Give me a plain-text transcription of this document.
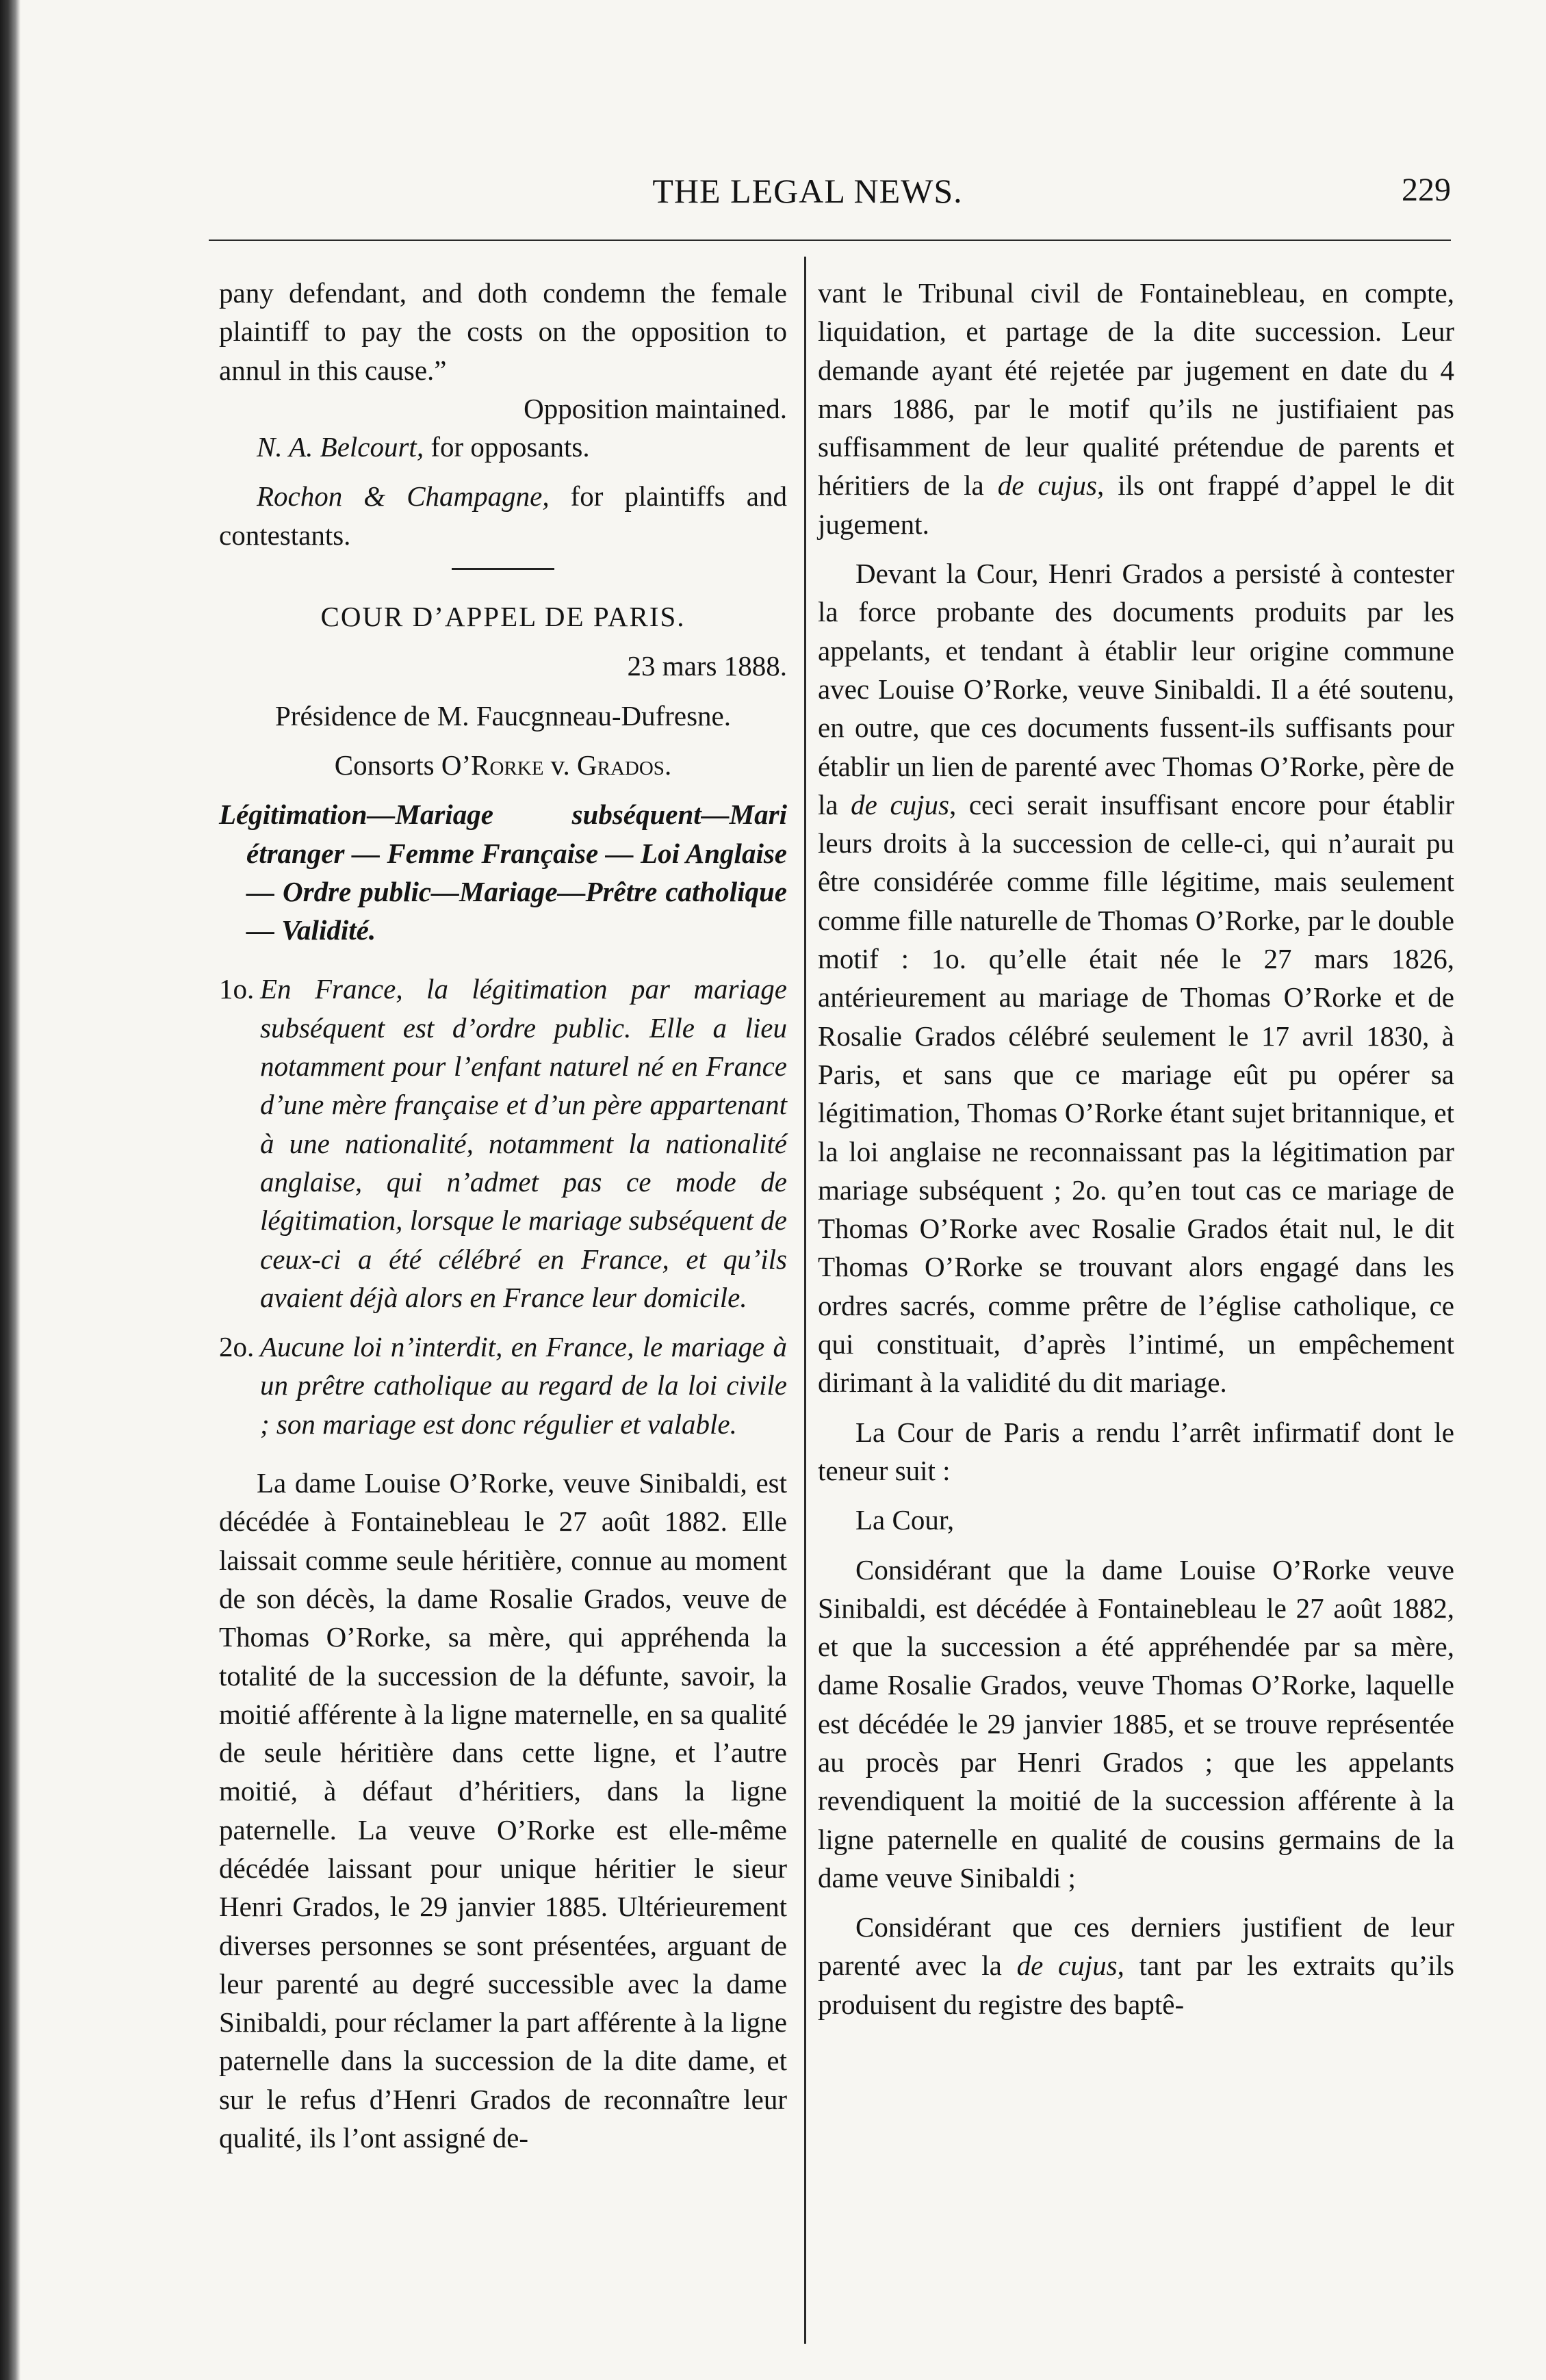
THE LEGAL NEWS.	229

pany defendant, and doth condemn the female plaintiff to pay the costs on the opposition to annul in this cause.”

Opposition maintained.

N. A. Belcourt, for opposants.

Rochon & Champagne, for plaintiffs and contestants.

COUR D’APPEL DE PARIS.

23 mars 1888.

Présidence de M. Faucgnneau-Dufresne.

Consorts O’Rorke v. Grados.

Légitimation—Mariage subséquent—Mari étranger — Femme Française — Loi Anglaise — Ordre public—Mariage—Prêtre catholique — Validité.

1o. En France, la légitimation par mariage subséquent est d’ordre public. Elle a lieu notamment pour l’enfant naturel né en France d’une mère française et d’un père appartenant à une nationalité, notamment la nationalité anglaise, qui n’admet pas ce mode de légitimation, lorsque le mariage subséquent de ceux-ci a été célébré en France, et qu’ils avaient déjà alors en France leur domicile.
2o. Aucune loi n’interdit, en France, le mariage à un prêtre catholique au regard de la loi civile ; son mariage est donc régulier et valable.

La dame Louise O’Rorke, veuve Sinibaldi, est décédée à Fontainebleau le 27 août 1882. Elle laissait comme seule héritière, connue au moment de son décès, la dame Rosalie Grados, veuve de Thomas O’Rorke, sa mère, qui appréhenda la totalité de la succession de la défunte, savoir, la moitié afférente à la ligne maternelle, en sa qualité de seule héritière dans cette ligne, et l’autre moitié, à défaut d’héritiers, dans la ligne paternelle. La veuve O’Rorke est elle-même décédée laissant pour unique héritier le sieur Henri Grados, le 29 janvier 1885. Ultérieurement diverses personnes se sont présentées, arguant de leur parenté au degré successible avec la dame Sinibaldi, pour réclamer la part afférente à la ligne paternelle dans la succession de la dite dame, et sur le refus d’Henri Grados de reconnaître leur qualité, ils l’ont assigné de-

vant le Tribunal civil de Fontainebleau, en compte, liquidation, et partage de la dite succession. Leur demande ayant été rejetée par jugement en date du 4 mars 1886, par le motif qu’ils ne justifiaient pas suffisamment de leur qualité prétendue de parents et héritiers de la de cujus, ils ont frappé d’appel le dit jugement.

Devant la Cour, Henri Grados a persisté à contester la force probante des documents produits par les appelants, et tendant à établir leur origine commune avec Louise O’Rorke, veuve Sinibaldi. Il a été soutenu, en outre, que ces documents fussent-ils suffisants pour établir un lien de parenté avec Thomas O’Rorke, père de la de cujus, ceci serait insuffisant encore pour établir leurs droits à la succession de celle-ci, qui n’aurait pu être considérée comme fille légitime, mais seulement comme fille naturelle de Thomas O’Rorke, par le double motif : 1o. qu’elle était née le 27 mars 1826, antérieurement au mariage de Thomas O’Rorke et de Rosalie Grados célébré seulement le 17 avril 1830, à Paris, et sans que ce mariage eût pu opérer sa légitimation, Thomas O’Rorke étant sujet britannique, et la loi anglaise ne reconnaissant pas la légitimation par mariage subséquent ; 2o. qu’en tout cas ce mariage de Thomas O’Rorke avec Rosalie Grados était nul, le dit Thomas O’Rorke se trouvant alors engagé dans les ordres sacrés, comme prêtre de l’église catholique, ce qui constituait, d’après l’intimé, un empêchement dirimant à la validité du dit mariage.

La Cour de Paris a rendu l’arrêt infirmatif dont le teneur suit :

La Cour,

Considérant que la dame Louise O’Rorke veuve Sinibaldi, est décédée à Fontainebleau le 27 août 1882, et que la succession a été appréhendée par sa mère, dame Rosalie Grados, veuve Thomas O’Rorke, laquelle est décédée le 29 janvier 1885, et se trouve représentée au procès par Henri Grados ; que les appelants revendiquent la moitié de la succession afférente à la ligne paternelle en qualité de cousins germains de la dame veuve Sinibaldi ;

Considérant que ces derniers justifient de leur parenté avec la de cujus, tant par les extraits qu’ils produisent du registre des baptê-
